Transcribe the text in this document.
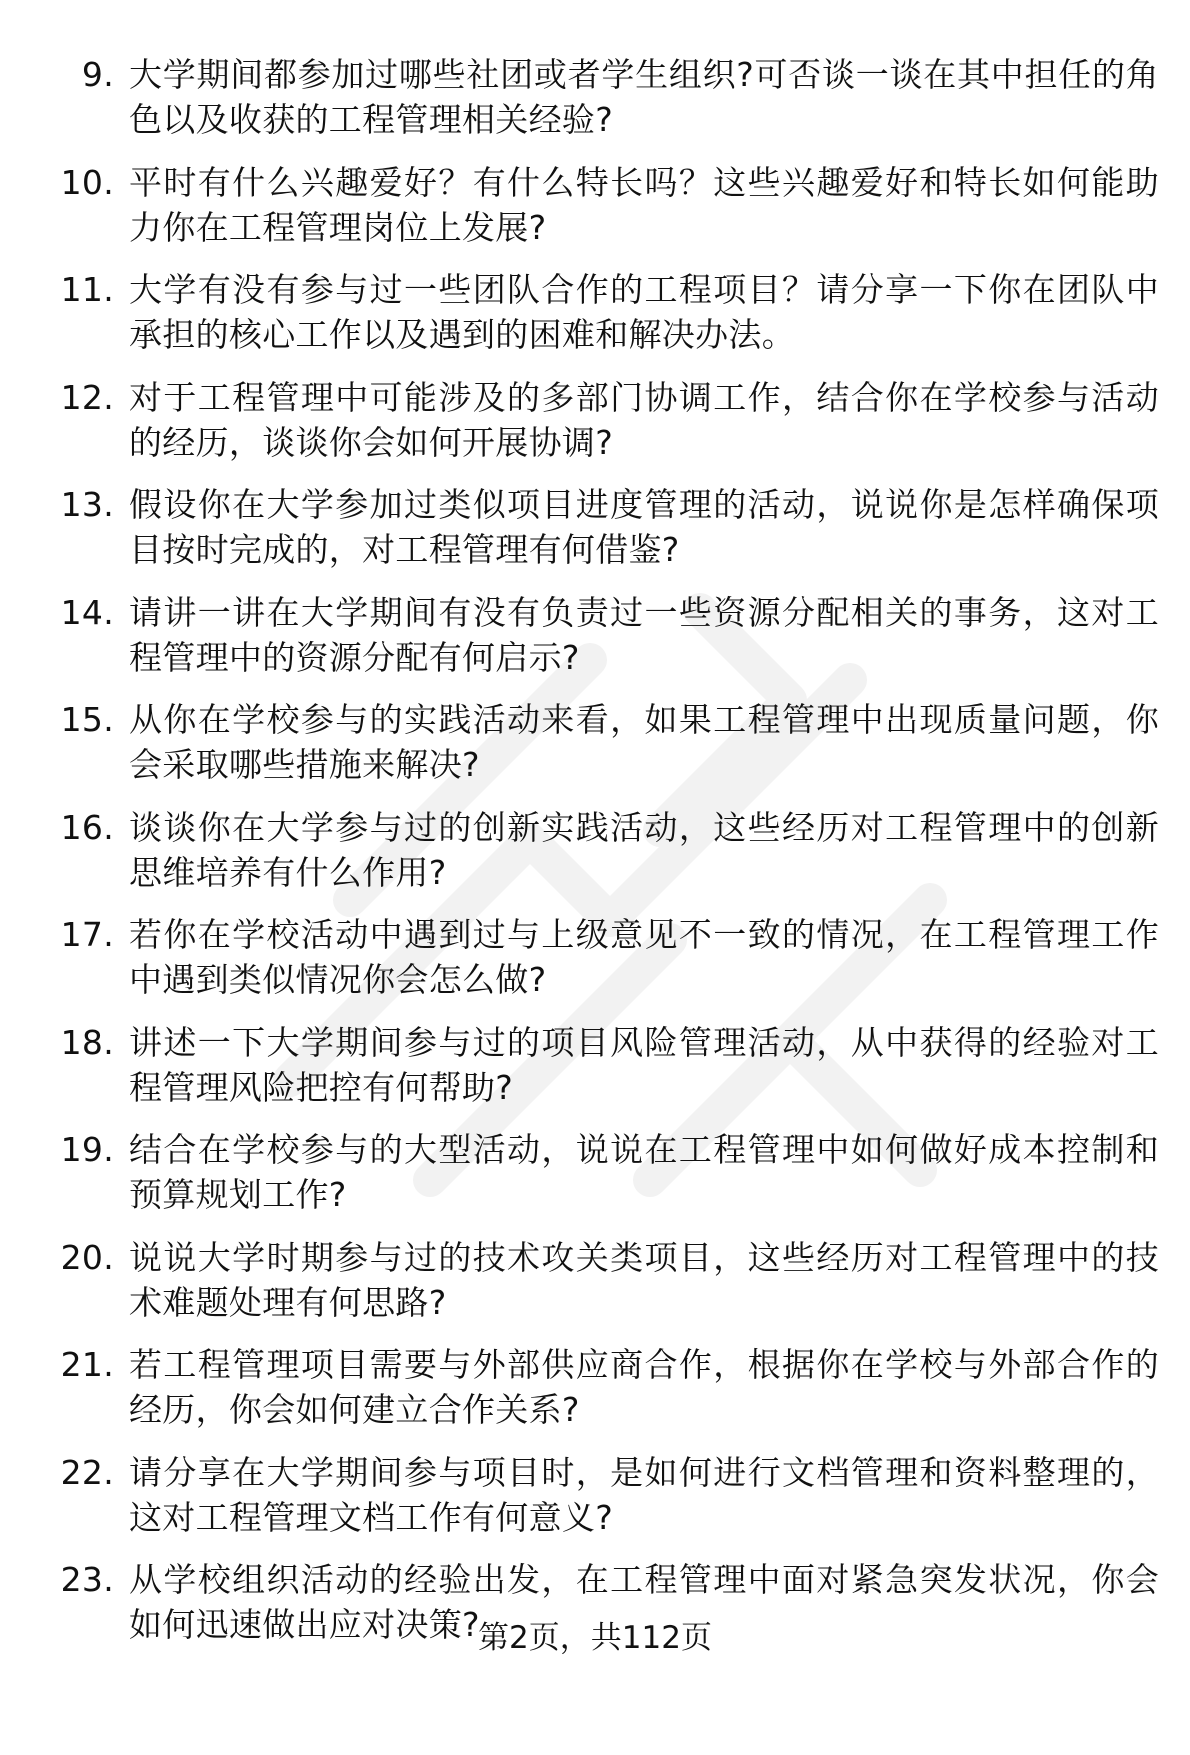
9. 大学期间都参加过哪些社团或者学生组织?可否谈一谈在其中担任的角色以及收获的工程管理相关经验?
10. 平时有什么兴趣爱好？有什么特长吗？这些兴趣爱好和特长如何能助力你在工程管理岗位上发展?
11. 大学有没有参与过一些团队合作的工程项目？请分享一下你在团队中承担的核心工作以及遇到的困难和解决办法。
12. 对于工程管理中可能涉及的多部门协调工作，结合你在学校参与活动的经历，谈谈你会如何开展协调?
13. 假设你在大学参加过类似项目进度管理的活动，说说你是怎样确保项目按时完成的，对工程管理有何借鉴?
14. 请讲一讲在大学期间有没有负责过一些资源分配相关的事务，这对工程管理中的资源分配有何启示?
15. 从你在学校参与的实践活动来看，如果工程管理中出现质量问题，你会采取哪些措施来解决?
16. 谈谈你在大学参与过的创新实践活动，这些经历对工程管理中的创新思维培养有什么作用?
17. 若你在学校活动中遇到过与上级意见不一致的情况，在工程管理工作中遇到类似情况你会怎么做?
18. 讲述一下大学期间参与过的项目风险管理活动，从中获得的经验对工程管理风险把控有何帮助?
19. 结合在学校参与的大型活动，说说在工程管理中如何做好成本控制和预算规划工作?
20. 说说大学时期参与过的技术攻关类项目，这些经历对工程管理中的技术难题处理有何思路?
21. 若工程管理项目需要与外部供应商合作，根据你在学校与外部合作的经历，你会如何建立合作关系?
22. 请分享在大学期间参与项目时，是如何进行文档管理和资料整理的，这对工程管理文档工作有何意义?
23. 从学校组织活动的经验出发，在工程管理中面对紧急突发状况，你会如何迅速做出应对决策?
第2页，共112页
